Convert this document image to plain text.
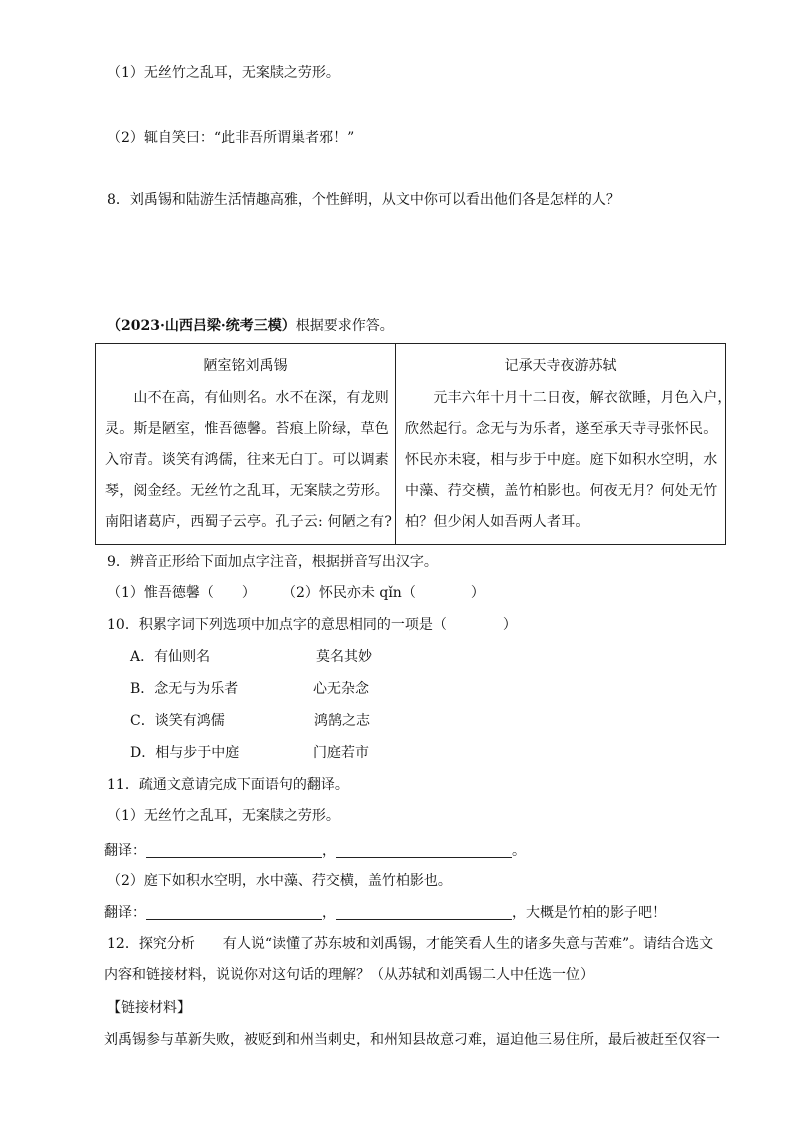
（1）无丝竹之乱耳，无案牍之劳形。
（2）辄自笑曰：“此非吾所谓巢者邪！”
8．刘禹锡和陆游生活情趣高雅，个性鲜明，从文中你可以看出他们各是怎样的人？
（2023·山西吕梁·统考三模）根据要求作答。
陋室铭刘禹锡
　　山不在高，有仙则名。水不在深，有龙则
灵。斯是陋室，惟吾德馨。苔痕上阶绿，草色
入帘青。谈笑有鸿儒，往来无白丁。可以调素
琴，阅金经。无丝竹之乱耳，无案牍之劳形。
南阳诸葛庐，西蜀子云亭。孔子云: 何陋之有?
记承天寺夜游苏轼
　　元丰六年十月十二日夜，解衣欲睡，月色入户，
欣然起行。念无与为乐者，遂至承天寺寻张怀民。
怀民亦未寝，相与步于中庭。庭下如积水空明，水
中藻、荇交横，盖竹柏影也。何夜无月？何处无竹
柏？但少闲人如吾两人者耳。
9．辨音正形给下面加点字注音，根据拼音写出汉字。
（1）惟吾德馨（　　） （2）怀民亦未 qǐn（	）
10．积累字词下列选项中加点字的意思相同的一项是（　　　　）
A．有仙则名	莫名其妙
B．念无与为乐者	心无杂念
C．谈笑有鸿儒	鸿鹄之志
D．相与步于中庭	门庭若市
11．疏通文意请完成下面语句的翻译。
（1）无丝竹之乱耳，无案牍之劳形。
翻译：	，	。
（2）庭下如积水空明，水中藻、荇交横，盖竹柏影也。
翻译：	，	，大概是竹柏的影子吧！
12．探究分析　　有人说“读懂了苏东坡和刘禹锡，才能笑看人生的诸多失意与苦难”。请结合选文
内容和链接材料，说说你对这句话的理解？（从苏轼和刘禹锡二人中任选一位）
【链接材料】
刘禹锡参与革新失败，被贬到和州当刺史，和州知县故意刁难，逼迫他三易住所，最后被赶至仅容一
